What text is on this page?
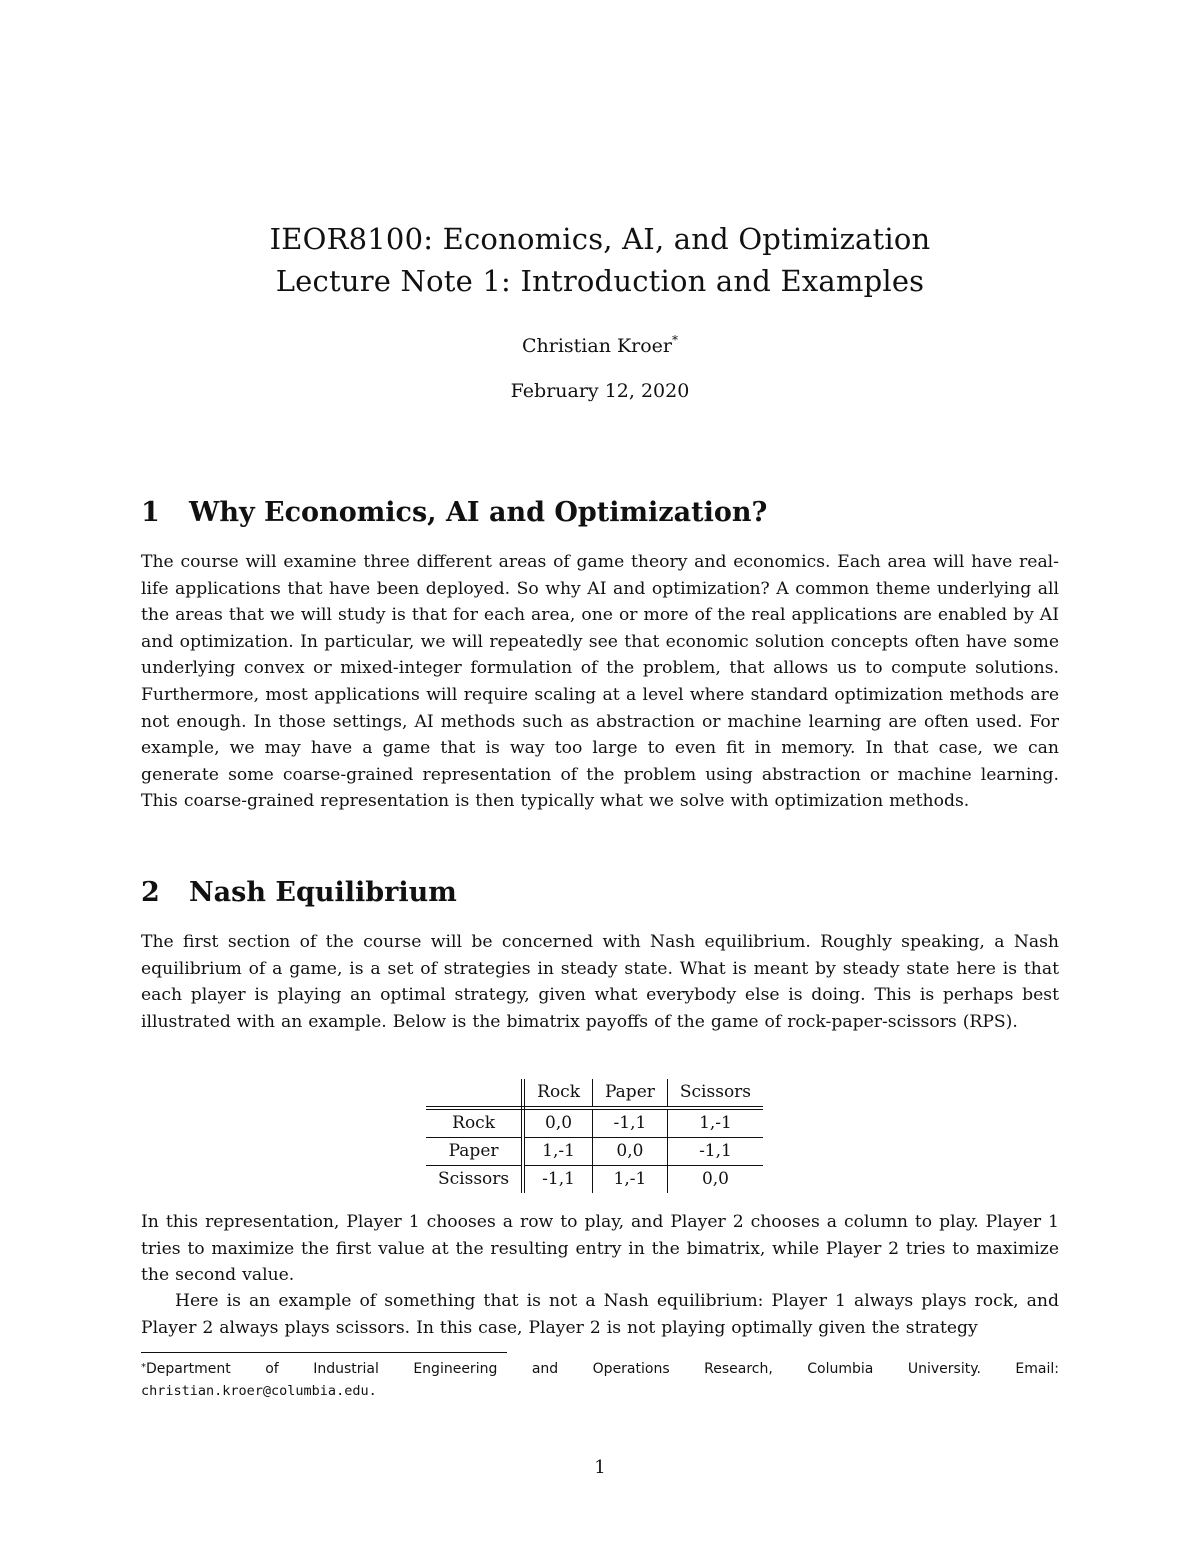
IEOR8100: Economics, AI, and Optimization
Lecture Note 1: Introduction and Examples

Christian Kroer*

February 12, 2020

1 Why Economics, AI and Optimization?

The course will examine three different areas of game theory and economics. Each area will have real-life applications that have been deployed. So why AI and optimization? A common theme underlying all the areas that we will study is that for each area, one or more of the real applications are enabled by AI and optimization. In particular, we will repeatedly see that economic solution concepts often have some underlying convex or mixed-integer formulation of the problem, that allows us to compute solutions. Furthermore, most applications will require scaling at a level where standard optimization methods are not enough. In those settings, AI methods such as abstraction or machine learning are often used. For example, we may have a game that is way too large to even fit in memory. In that case, we can generate some coarse-grained representation of the problem using abstraction or machine learning. This coarse-grained representation is then typically what we solve with optimization methods.

2 Nash Equilibrium

The first section of the course will be concerned with Nash equilibrium. Roughly speaking, a Nash equilibrium of a game, is a set of strategies in steady state. What is meant by steady state here is that each player is playing an optimal strategy, given what everybody else is doing. This is perhaps best illustrated with an example. Below is the bimatrix payoffs of the game of rock-paper-scissors (RPS).

	Rock	Paper	Scissors
Rock	0,0	-1,1	1,-1
Paper	1,-1	0,0	-1,1
Scissors	-1,1	1,-1	0,0

In this representation, Player 1 chooses a row to play, and Player 2 chooses a column to play. Player 1 tries to maximize the first value at the resulting entry in the bimatrix, while Player 2 tries to maximize the second value.

Here is an example of something that is not a Nash equilibrium: Player 1 always plays rock, and Player 2 always plays scissors. In this case, Player 2 is not playing optimally given the strategy

*Department of Industrial Engineering and Operations Research, Columbia University. Email:

christian.kroer@columbia.edu.

1
